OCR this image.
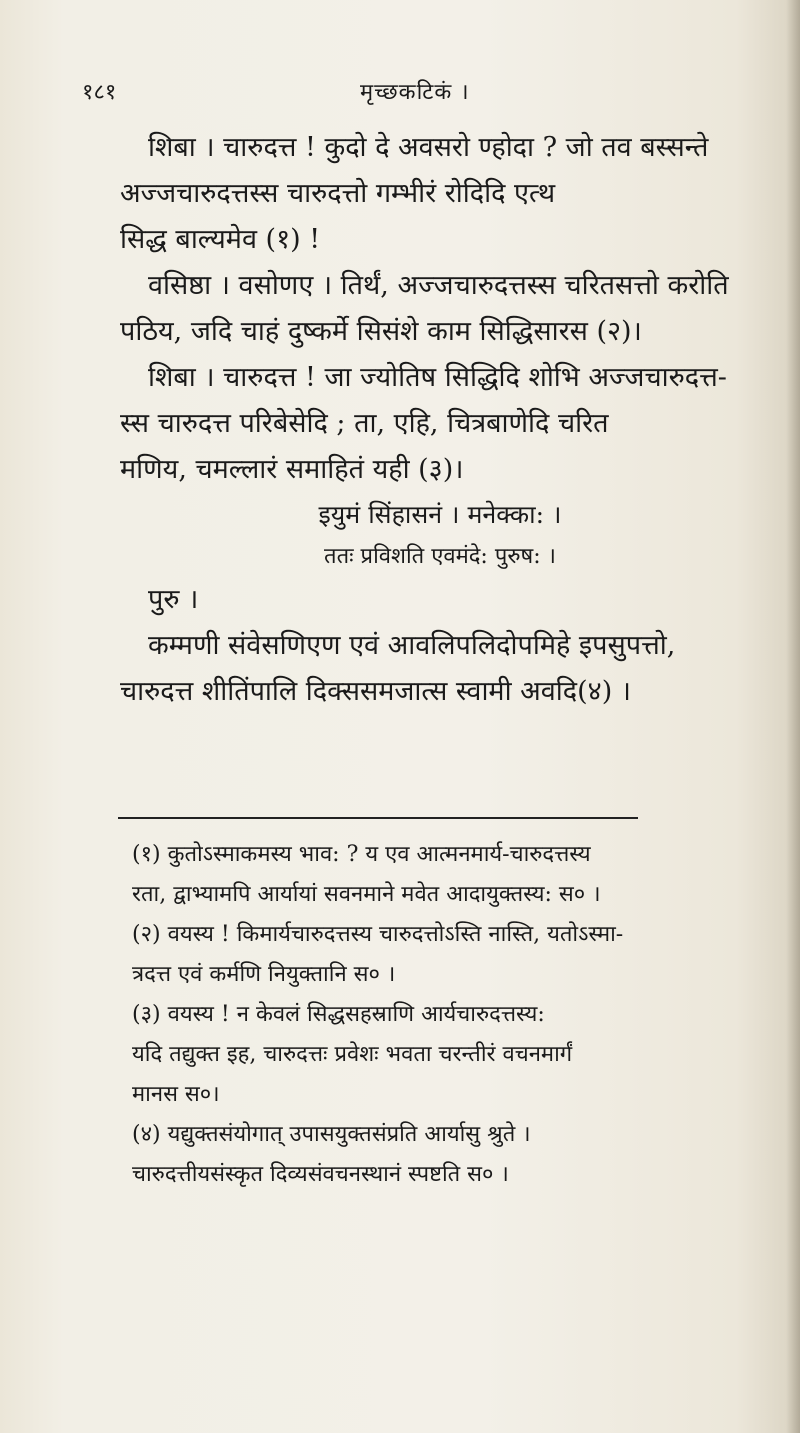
१८१	मृच्छकटिकं ।

शिबा । चारुदत्त ! कुदो दे अवसरो ण्होदा ? जो तव बस्सन्ते

अज्जचारुदत्तस्स चारुदत्तो गम्भीरं रोदिदि एत्थ

सिद्ध बाल्यमेव (१) !

वसिष्ठा । वसोणए । तिर्थं, अज्जचारुदत्तस्स चरितसत्तो करोति

पठिय, जदि चाहं दुष्कर्मे सिसंशे काम सिद्धिसारस (२)।

शिबा । चारुदत्त ! जा ज्योतिष सिद्धिदि शोभि अज्जचारुदत्त-

स्स चारुदत्त परिबेसेदि ; ता, एहि, चित्रबाणेदि चरित

मणिय, चमल्लारं समाहितं यही (३)।

इयुमं सिंहासनं । मनेक्का: ।

ततः प्रविशति एवमंदे: पुरुष: ।

पुरु ।

कम्मणी संवेसणिएण एवं आवलिपलिदोपमिहे इपसुपत्तो,

चारुदत्त शीतिंपालि दिक्ससमजात्स स्वामी अवदि(४) ।

(१) कुतोऽस्माकमस्य भाव: ? य एव आत्मनमार्य-चारुदत्तस्य

रता, द्वाभ्यामपि आर्यायां सवनमाने मवेत आदायुक्तस्य: स० ।

(२) वयस्य ! किमार्यचारुदत्तस्य चारुदत्तोऽस्ति नास्ति, यतोऽस्मा-

त्रदत्त एवं कर्मणि नियुक्तानि स० ।

(३) वयस्य ! न केवलं सिद्धसहस्राणि आर्यचारुदत्तस्य:

यदि तद्युक्त इह, चारुदत्तः प्रवेशः भवता चरन्तीरं वचनमार्गं

मानस स०।

(४) यद्युक्तसंयोगात् उपासयुक्तसंप्रति आर्यासु श्रुते ।

चारुदत्तीयसंस्कृत दिव्यसंवचनस्थानं स्पष्टति स० ।
